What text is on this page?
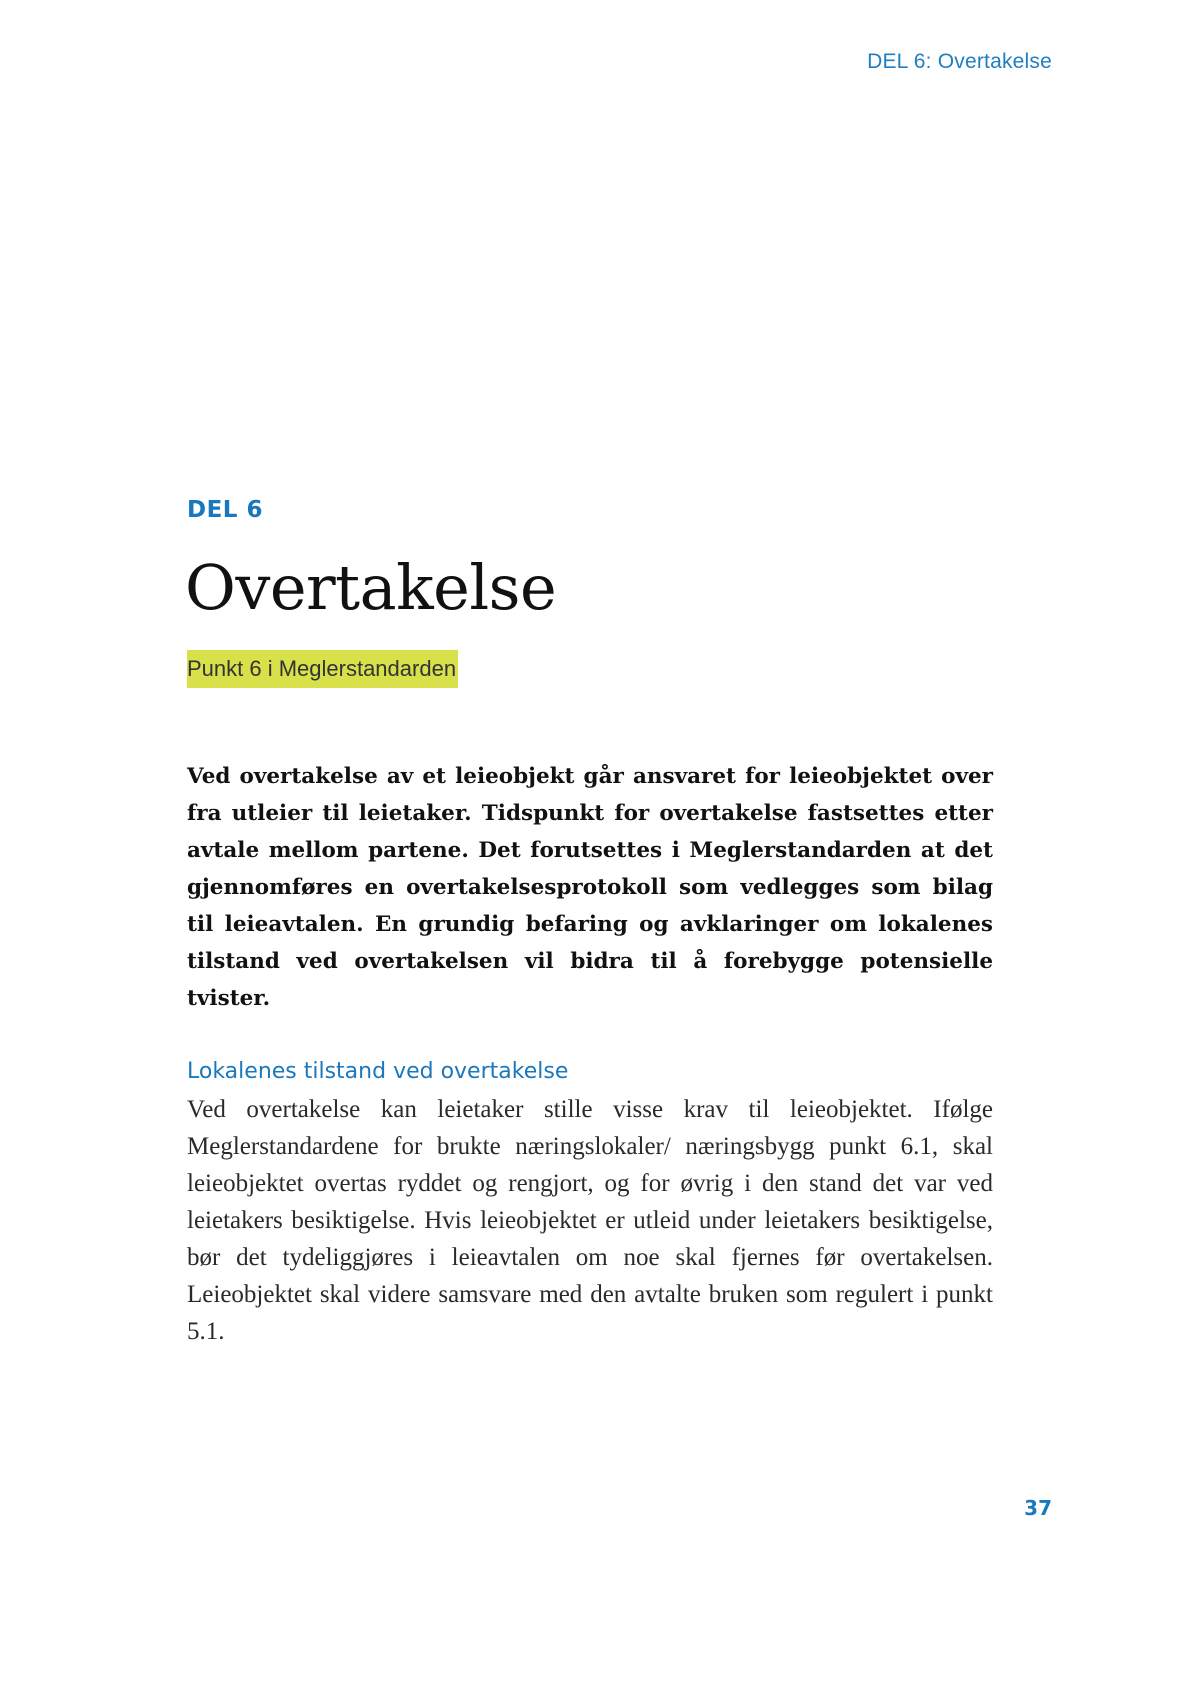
DEL 6: Overtakelse

DEL 6

Overtakelse
Punkt 6 i Meglerstandarden

Ved overtakelse av et leieobjekt går ansvaret for leieobjektet over fra utleier til leietaker. Tidspunkt for overtakelse fastsettes etter avtale mellom partene. Det forutsettes i Meglerstandarden at det gjennomføres en overtakelsesprotokoll som vedlegges som bilag til leieavtalen. En grundig befaring og avklaringer om lokalenes tilstand ved overtakelsen vil bidra til å forebygge potensielle tvister.

Lokalenes tilstand ved overtakelse

Ved overtakelse kan leietaker stille visse krav til leieobjektet. Ifølge Meglerstandardene for brukte næringslokaler/ næringsbygg punkt 6.1, skal leieobjektet overtas ryddet og rengjort, og for øvrig i den stand det var ved leietakers besiktigelse. Hvis leieobjektet er utleid under leietakers besiktigelse, bør det tydeliggjøres i leieavtalen om noe skal fjernes før overtakelsen. Leieobjektet skal videre samsvare med den avtalte bruken som regulert i punkt 5.1.

37
